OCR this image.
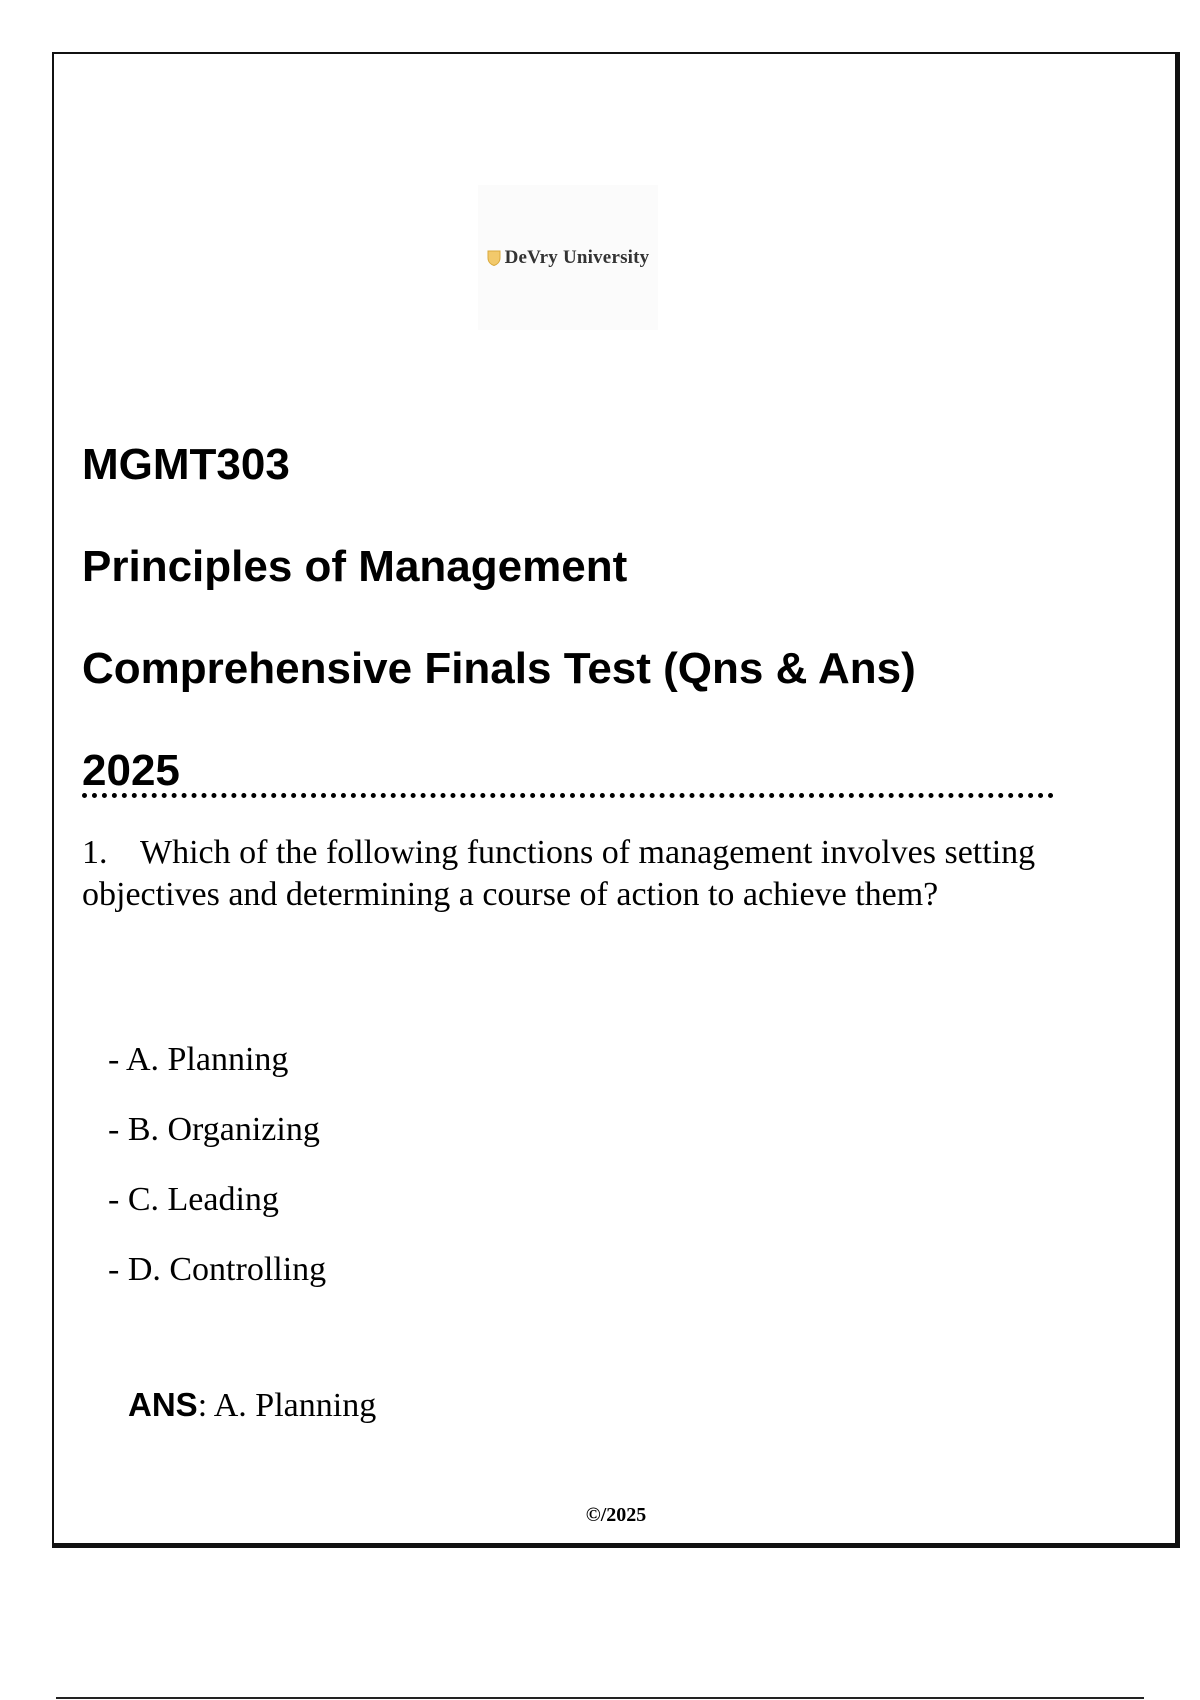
DeVry University
MGMT303
Principles of Management
Comprehensive Finals Test (Qns & Ans)
2025
1. Which of the following functions of management involves setting objectives and determining a course of action to achieve them?
- A. Planning
- B. Organizing
- C. Leading
- D. Controlling
ANS: A. Planning
©/2025
